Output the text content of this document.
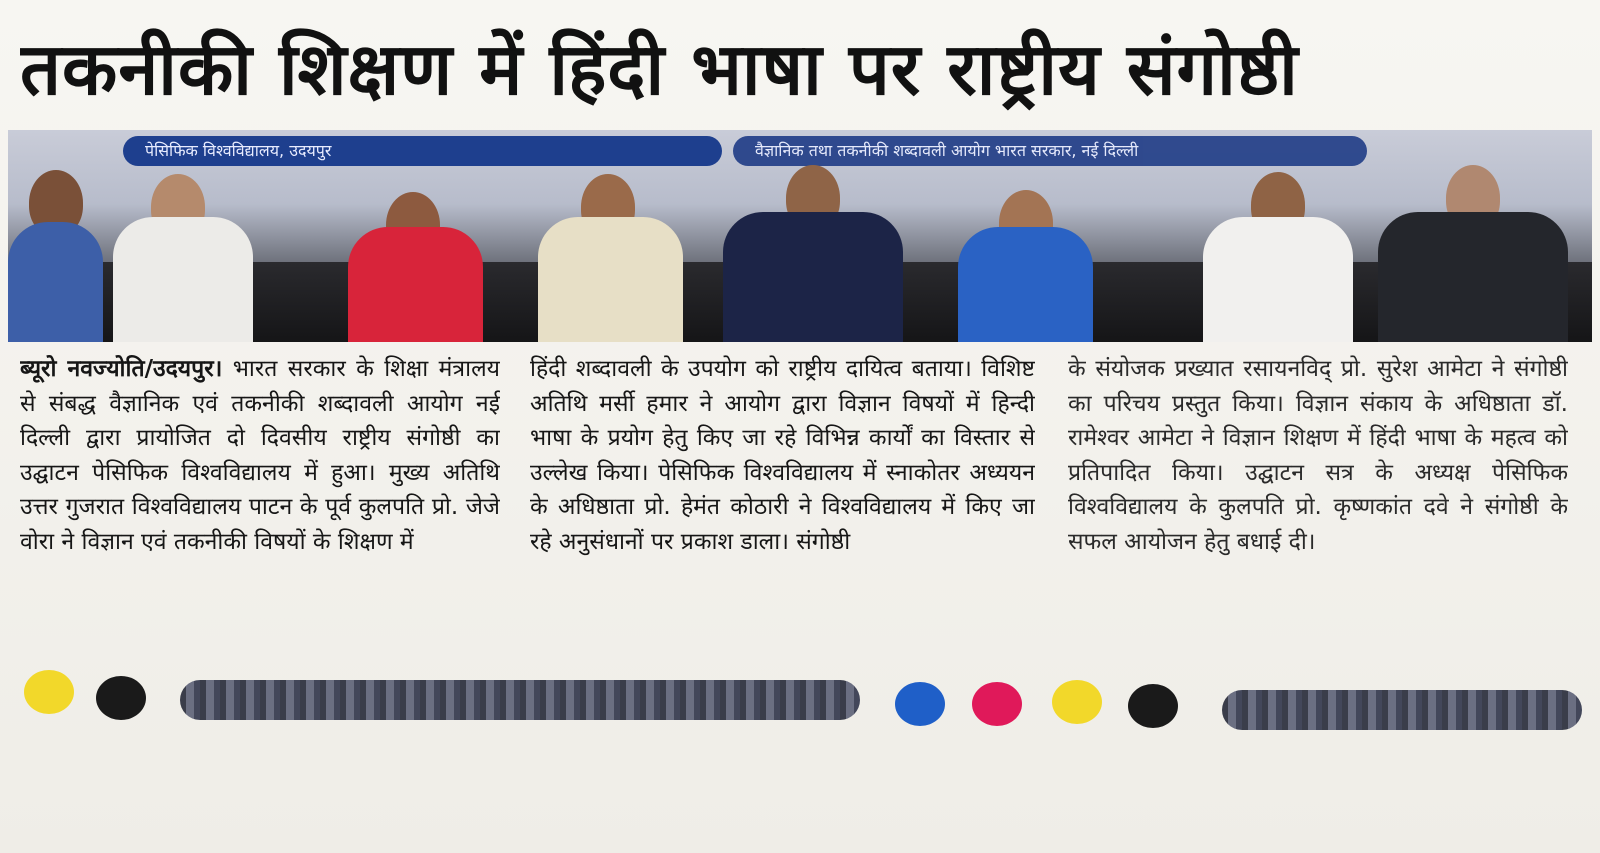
तकनीकी शिक्षण में हिंदी भाषा पर राष्ट्रीय संगोष्ठी
पेसिफिक विश्वविद्यालय, उदयपुर	वैज्ञानिक तथा तकनीकी शब्दावली आयोग भारत सरकार, नई दिल्ली

ब्यूरो नवज्योति/उदयपुर। भारत सरकार के शिक्षा मंत्रालय से संबद्ध वैज्ञानिक एवं तकनीकी शब्दावली आयोग नई दिल्ली द्वारा प्रायोजित दो दिवसीय राष्ट्रीय संगोष्ठी का उद्घाटन पेसिफिक विश्वविद्यालय में हुआ। मुख्य अतिथि उत्तर गुजरात विश्वविद्यालय पाटन के पूर्व कुलपति प्रो. जेजे वोरा ने विज्ञान एवं तकनीकी विषयों के शिक्षण में

हिंदी शब्दावली के उपयोग को राष्ट्रीय दायित्व बताया। विशिष्ट अतिथि मर्सी हमार ने आयोग द्वारा विज्ञान विषयों में हिन्दी भाषा के प्रयोग हेतु किए जा रहे विभिन्न कार्यों का विस्तार से उल्लेख किया। पेसिफिक विश्वविद्यालय में स्नाकोतर अध्ययन के अधिष्ठाता प्रो. हेमंत कोठारी ने विश्वविद्यालय में किए जा रहे अनुसंधानों पर प्रकाश डाला। संगोष्ठी

के संयोजक प्रख्यात रसायनविद् प्रो. सुरेश आमेटा ने संगोष्ठी का परिचय प्रस्तुत किया। विज्ञान संकाय के अधिष्ठाता डॉ. रामेश्वर आमेटा ने विज्ञान शिक्षण में हिंदी भाषा के महत्व को प्रतिपादित किया। उद्घाटन सत्र के अध्यक्ष पेसिफिक विश्वविद्यालय के कुलपति प्रो. कृष्णकांत दवे ने संगोष्ठी के सफल आयोजन हेतु बधाई दी।
